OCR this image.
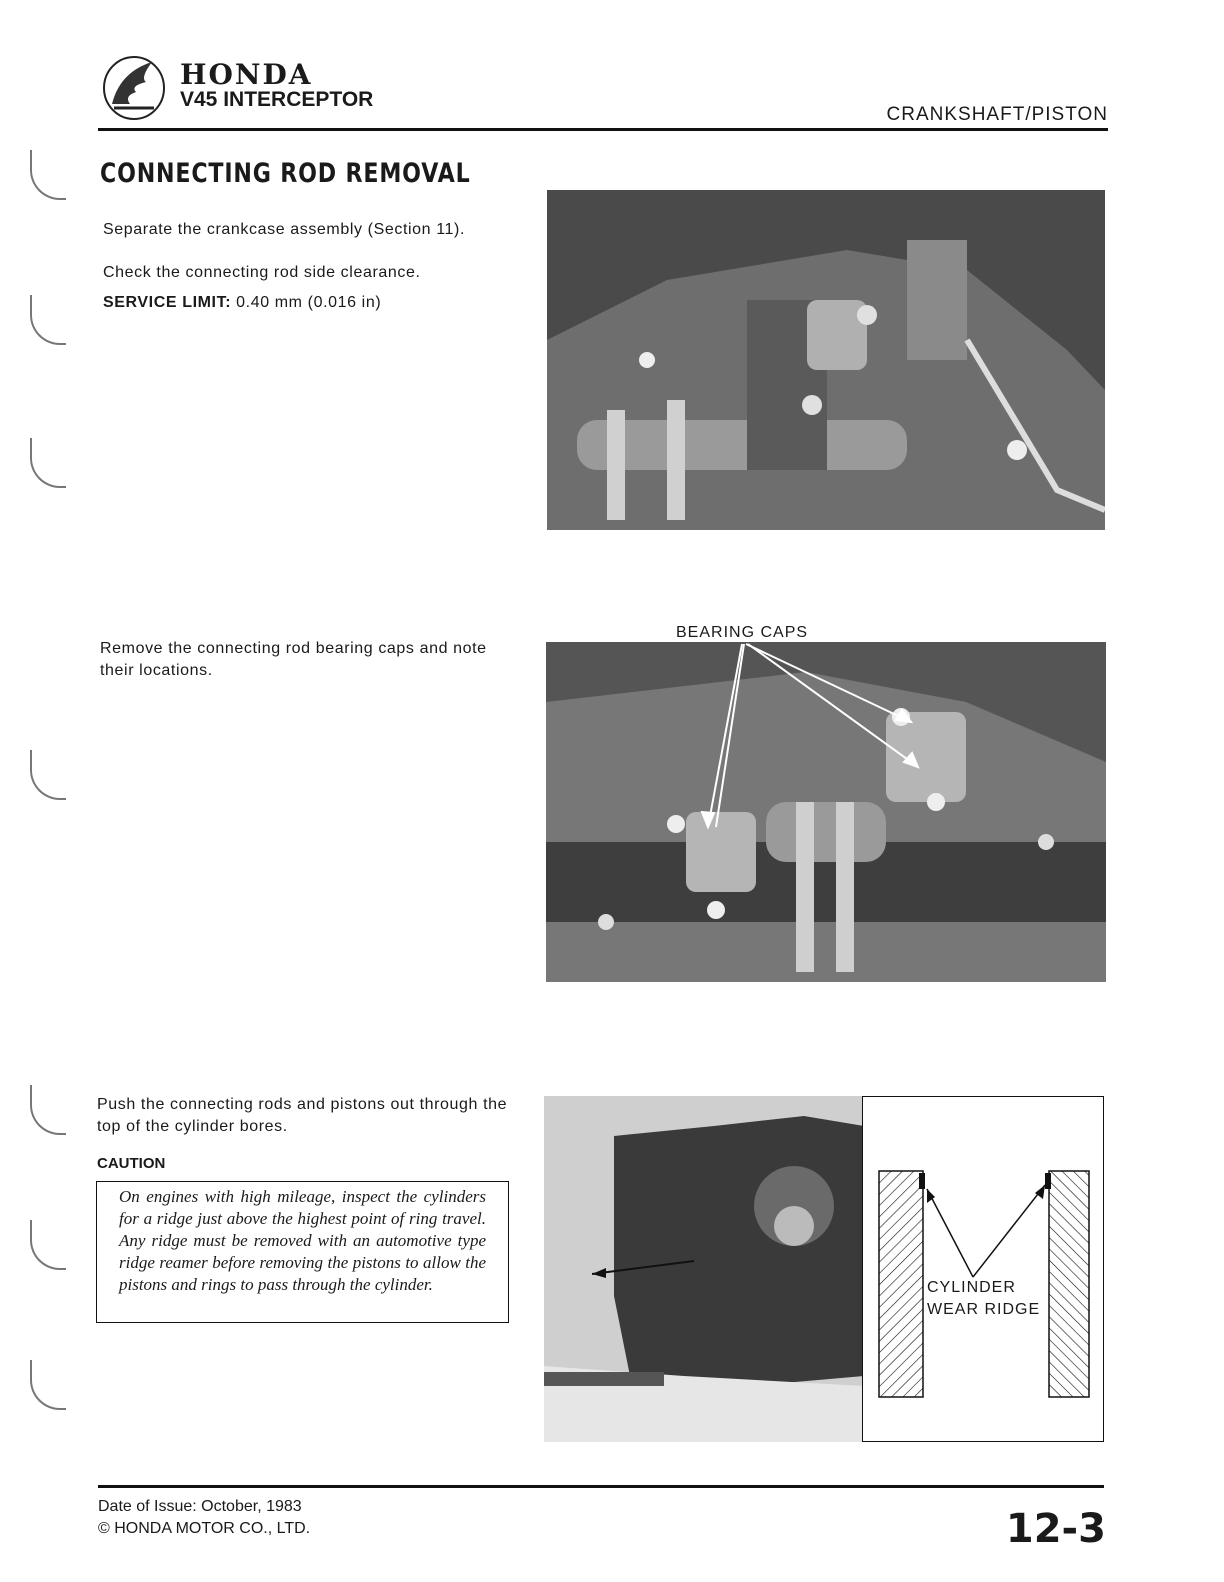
HONDA
V45 INTERCEPTOR
CRANKSHAFT/PISTON
CONNECTING ROD REMOVAL
Separate the crankcase assembly (Section 11).
Check the connecting rod side clearance.
SERVICE LIMIT: 0.40 mm (0.016 in)
Remove the connecting rod bearing caps and note their locations.
BEARING CAPS
Push the connecting rods and pistons out through the top of the cylinder bores.
CAUTION
On engines with high mileage, inspect the cylinders for a ridge just above the highest point of ring travel. Any ridge must be removed with an automotive type ridge reamer before removing the pistons to allow the pistons and rings to pass through the cylinder.	CYLINDER
WEAR RIDGE
Date of Issue: October, 1983
© HONDA MOTOR CO., LTD.	12-3
